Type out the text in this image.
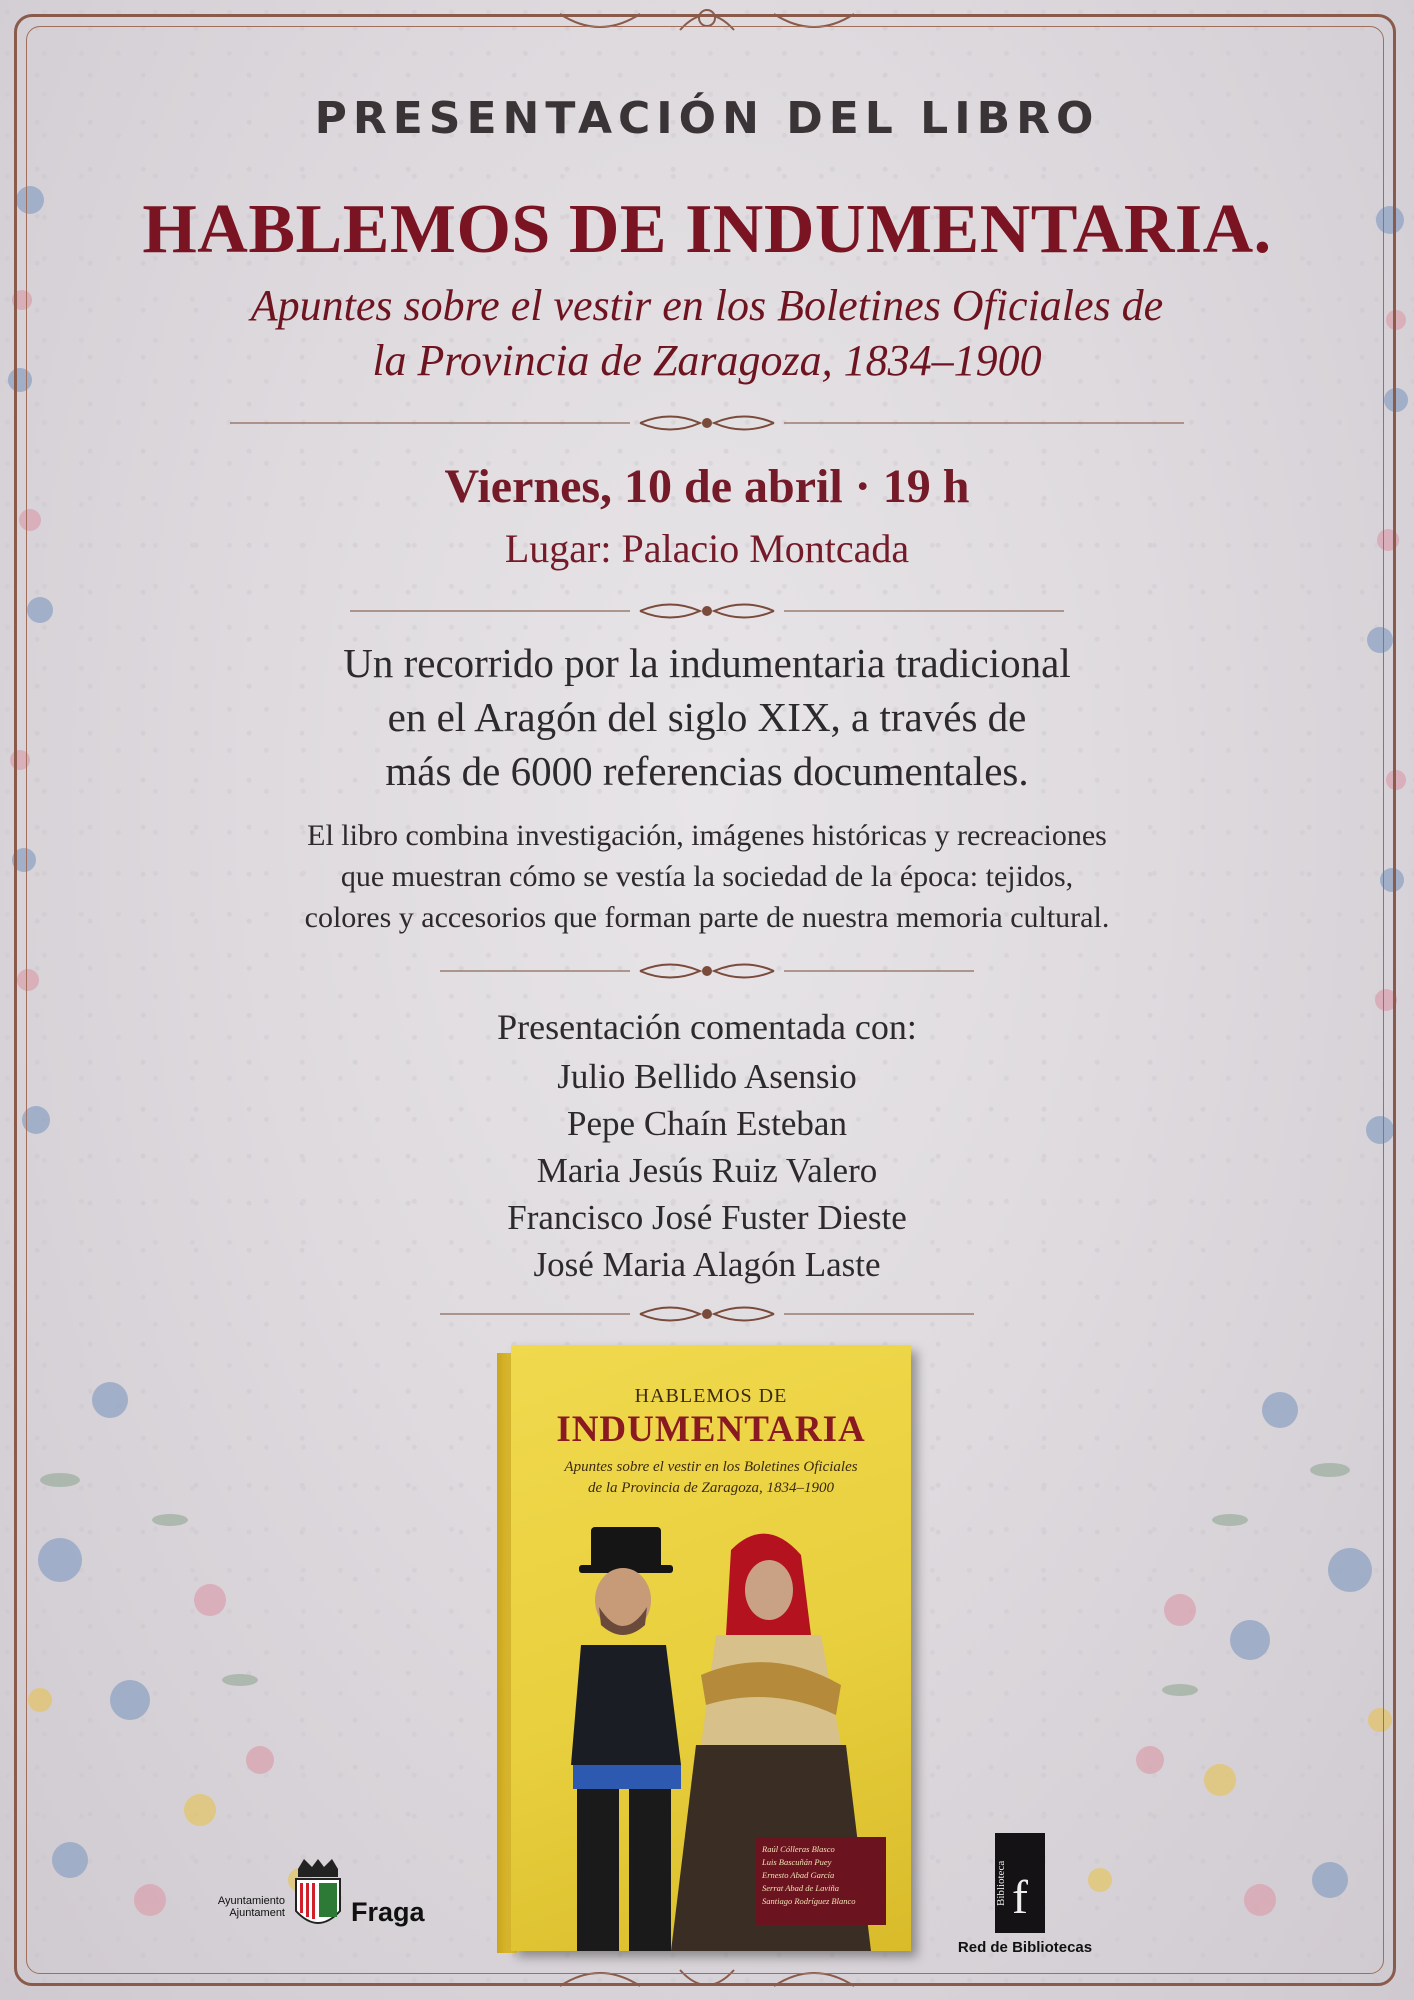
PRESENTACIÓN DEL LIBRO
HABLEMOS DE INDUMENTARIA.
Apuntes sobre el vestir en los Boletines Oficiales de
la Provincia de Zaragoza, 1834–1900
Viernes, 10 de abril · 19 h
Lugar: Palacio Montcada
Un recorrido por la indumentaria tradicional
en el Aragón del siglo XIX, a través de
más de 6000 referencias documentales.
El libro combina investigación, imágenes históricas y recreaciones
que muestran cómo se vestía la sociedad de la época: tejidos,
colores y accesorios que forman parte de nuestra memoria cultural.
Presentación comentada con:
Julio Bellido Asensio
Pepe Chaín Esteban
Maria Jesús Ruiz Valero
Francisco José Fuster Dieste
José Maria Alagón Laste
HABLEMOS DE
INDUMENTARIA
Apuntes sobre el vestir en los Boletines Oficiales
de la Provincia de Zaragoza, 1834–1900
Raúl Cólleras Blasco
Luis Bascuñán Puey
Ernesto Abad García
Serrat Abad de Laviña
Santiago Rodríguez Blanco
Ayuntamiento
Ajuntament Fraga
Biblioteca f
Red de Bibliotecas
